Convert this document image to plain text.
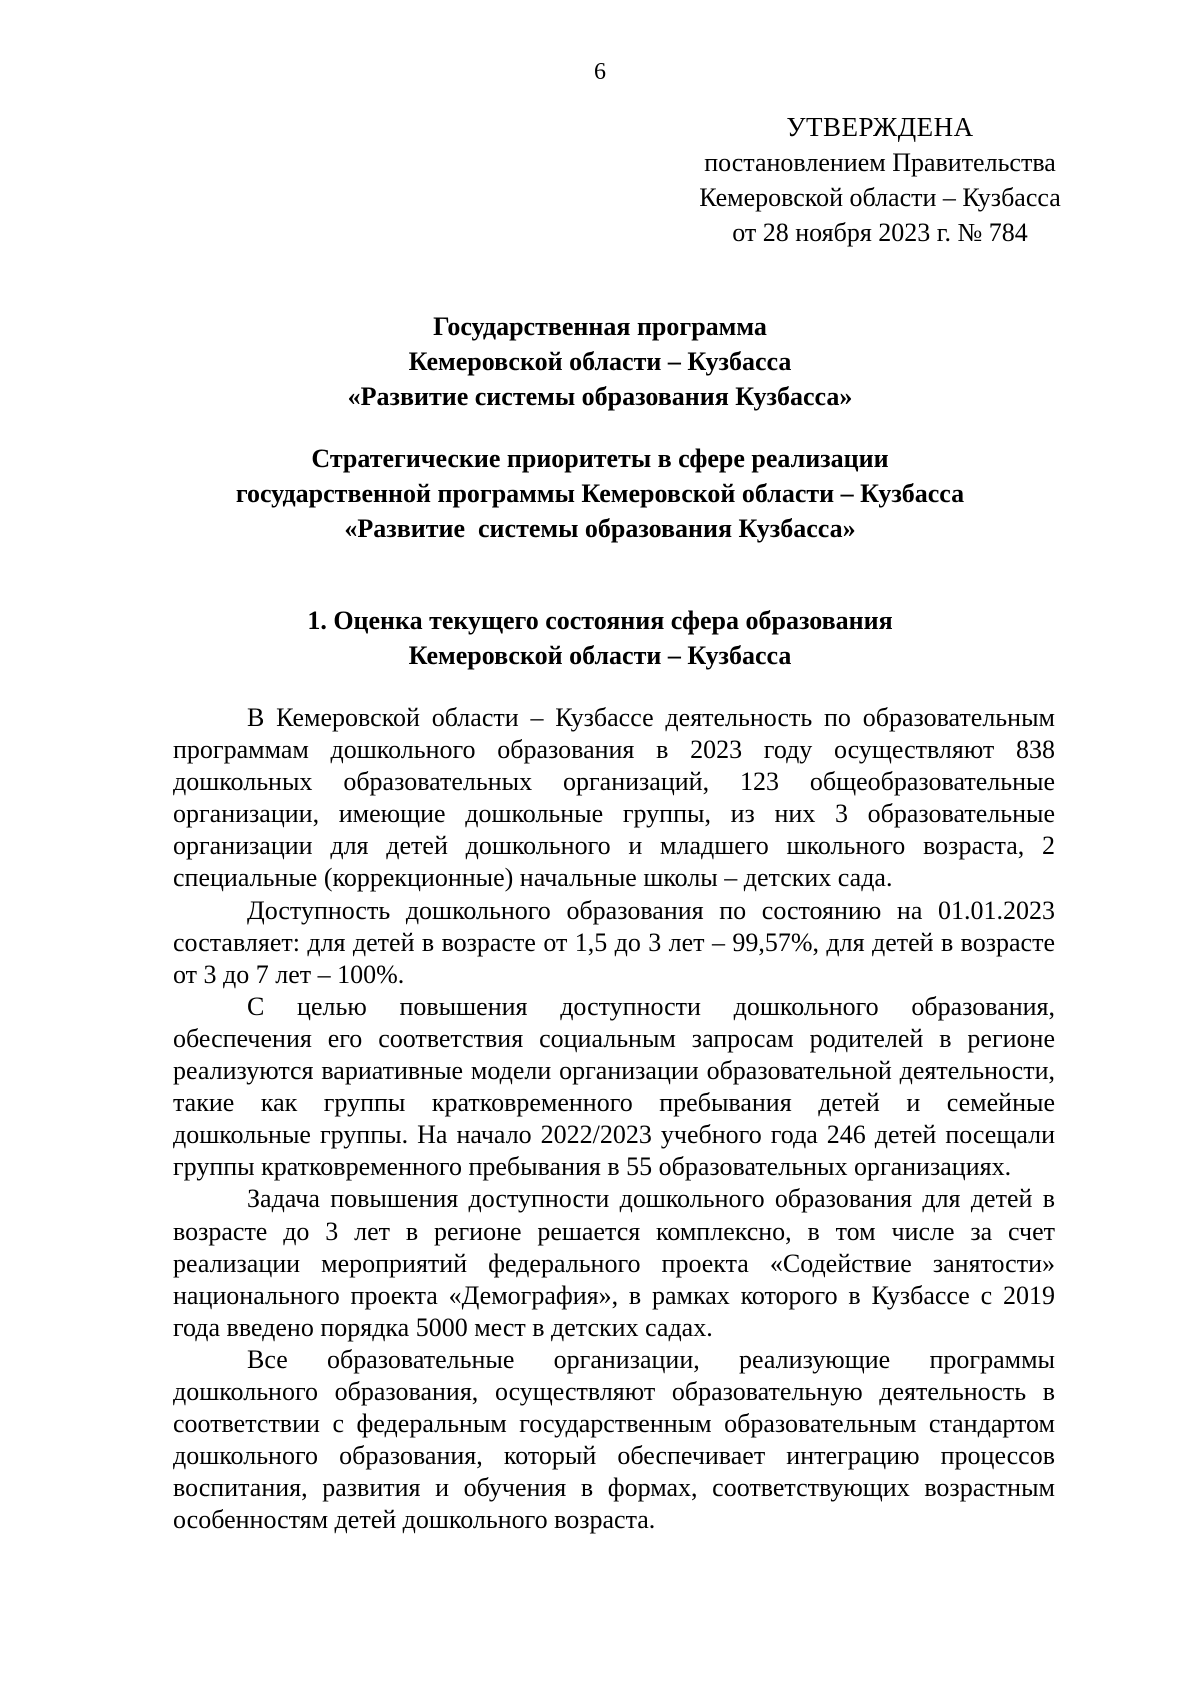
6
УТВЕРЖДЕНА
постановлением Правительства
Кемеровской области – Кузбасса
от 28 ноября 2023 г. № 784
Государственная программа
Кемеровской области – Кузбасса
«Развитие системы образования Кузбасса»
Стратегические приоритеты в сфере реализации
государственной программы Кемеровской области – Кузбасса
«Развитие  системы образования Кузбасса»
1. Оценка текущего состояния сфера образования
Кемеровской области – Кузбасса

В Кемеровской области – Кузбассе деятельность по образовательным программам дошкольного образования в 2023 году осуществляют 838 дошкольных образовательных организаций, 123 общеобразовательные организации, имеющие дошкольные группы, из них 3 образовательные организации для детей дошкольного и младшего школьного возраста, 2 специальные (коррекционные) начальные школы – детских сада.

Доступность дошкольного образования по состоянию на 01.01.2023 составляет: для детей в возрасте от 1,5 до 3 лет – 99,57%, для детей в возрасте от 3 до 7 лет – 100%.

С целью повышения доступности дошкольного образования, обеспечения его соответствия социальным запросам родителей в регионе реализуются вариативные модели организации образовательной деятельности, такие как группы кратковременного пребывания детей и семейные дошкольные группы. На начало 2022/2023 учебного года 246 детей посещали группы кратковременного пребывания в 55 образовательных организациях.

Задача повышения доступности дошкольного образования для детей в возрасте до 3 лет в регионе решается комплексно, в том числе за счет реализации мероприятий федерального проекта «Содействие занятости» национального проекта «Демография», в рамках которого в Кузбассе с 2019 года введено порядка 5000 мест в детских садах.

Все образовательные организации, реализующие программы дошкольного образования, осуществляют образовательную деятельность в соответствии с федеральным государственным образовательным стандартом дошкольного образования, который обеспечивает интеграцию процессов воспитания, развития и обучения в формах, соответствующих возрастным особенностям детей дошкольного возраста.
